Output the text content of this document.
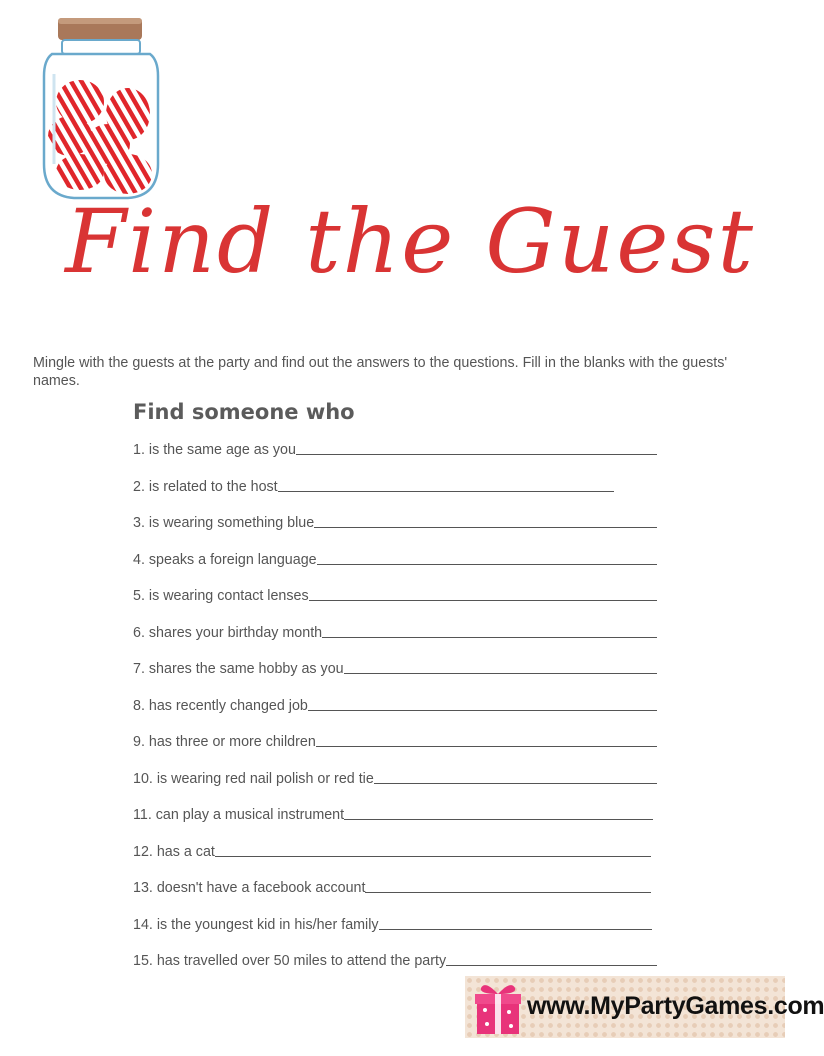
Find the Guest

Mingle with the guests at the party and find out the answers to the questions. Fill in the blanks with the guests' names.

Find someone who
1. is the same age as you
2. is related to the host
3. is wearing something blue
4. speaks a foreign language
5. is wearing contact lenses
6. shares your birthday month
7. shares the same hobby as you
8. has recently changed job
9. has three or more children
10. is wearing red nail polish or red tie
11. can play a musical instrument
12. has a cat
13. doesn't have a facebook account
14. is the youngest kid in his/her family
15. has travelled over 50 miles to attend the party
www.MyPartyGames.com
